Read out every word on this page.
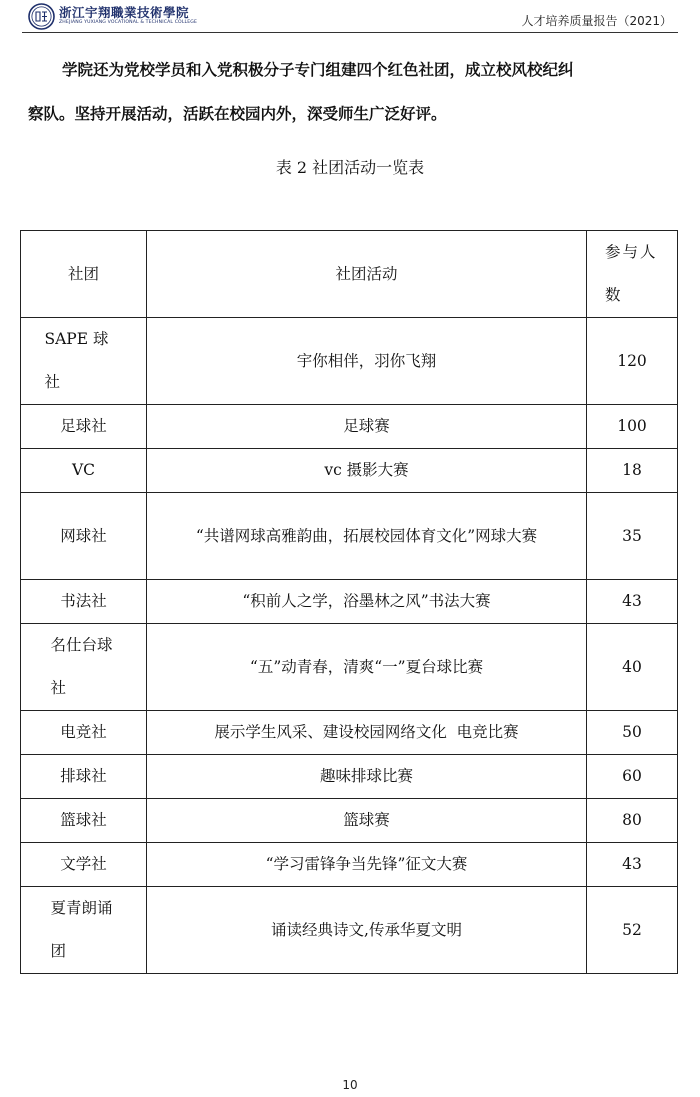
浙江宇翔職業技術學院
ZHEJIANG YUXIANG VOCATIONAL & TECHNICAL COLLEGE	人才培养质量报告（2021）
学院还为党校学员和入党积极分子专门组建四个红色社团，成立校风校纪纠
察队。坚持开展活动，活跃在校园内外，深受师生广泛好评。
表 2 社团活动一览表
社团	社团活动	参与人数
SAPE 球社	宇你相伴，羽你飞翔	120
足球社	足球赛	100
VC	vc 摄影大赛	18
网球社	“共谱网球高雅韵曲，拓展校园体育文化”网球大赛	35
书法社	“积前人之学，浴墨林之风”书法大赛	43
名仕台球社	“五”动青春，清爽“一”夏台球比赛	40
电竞社	展示学生风采、建设校园网络文化  电竞比赛	50
排球社	趣味排球比赛	60
篮球社	篮球赛	80
文学社	“学习雷锋争当先锋”征文大赛	43
夏青朗诵团	诵读经典诗文,传承华夏文明	52
10
